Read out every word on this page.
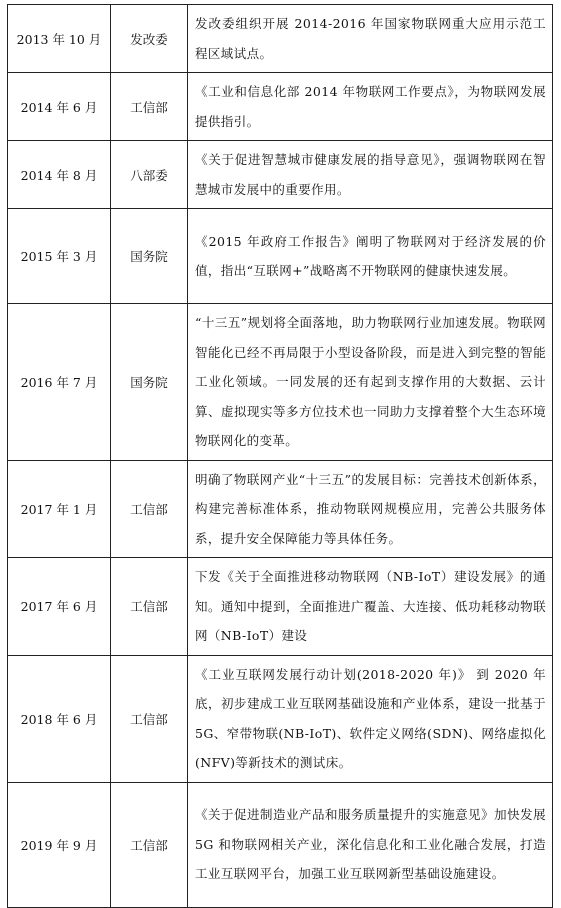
2013 年 10 月	发改委	发改委组织开展 2014-2016 年国家物联网重大应用示范工程区域试点。
2014 年 6 月	工信部	《工业和信息化部 2014 年物联网工作要点》，为物联网发展提供指引。
2014 年 8 月	八部委	《关于促进智慧城市健康发展的指导意见》，强调物联网在智慧城市发展中的重要作用。
2015 年 3 月	国务院	《2015 年政府工作报告》阐明了物联网对于经济发展的价值，指出“互联网+”战略离不开物联网的健康快速发展。
2016 年 7 月	国务院	“十三五”规划将全面落地，助力物联网行业加速发展。物联网智能化已经不再局限于小型设备阶段，而是进入到完整的智能工业化领域。一同发展的还有起到支撑作用的大数据、云计算、虚拟现实等多方位技术也一同助力支撑着整个大生态环境物联网化的变革。
2017 年 1 月	工信部	明确了物联网产业“十三五”的发展目标：完善技术创新体系，构建完善标准体系，推动物联网规模应用，完善公共服务体系，提升安全保障能力等具体任务。
2017 年 6 月	工信部	下发《关于全面推进移动物联网（NB-IoT）建设发展》的通知。通知中提到，全面推进广覆盖、大连接、低功耗移动物联网（NB-IoT）建设
2018 年 6 月	工信部	《工业互联网发展行动计划(2018-2020 年)》 到 2020 年底，初步建成工业互联网基础设施和产业体系，建设一批基于 5G、窄带物联(NB-IoT)、软件定义网络(SDN)、网络虚拟化(NFV)等新技术的测试床。
2019 年 9 月	工信部	《关于促进制造业产品和服务质量提升的实施意见》加快发展 5G 和物联网相关产业，深化信息化和工业化融合发展，打造工业互联网平台，加强工业互联网新型基础设施建设。
